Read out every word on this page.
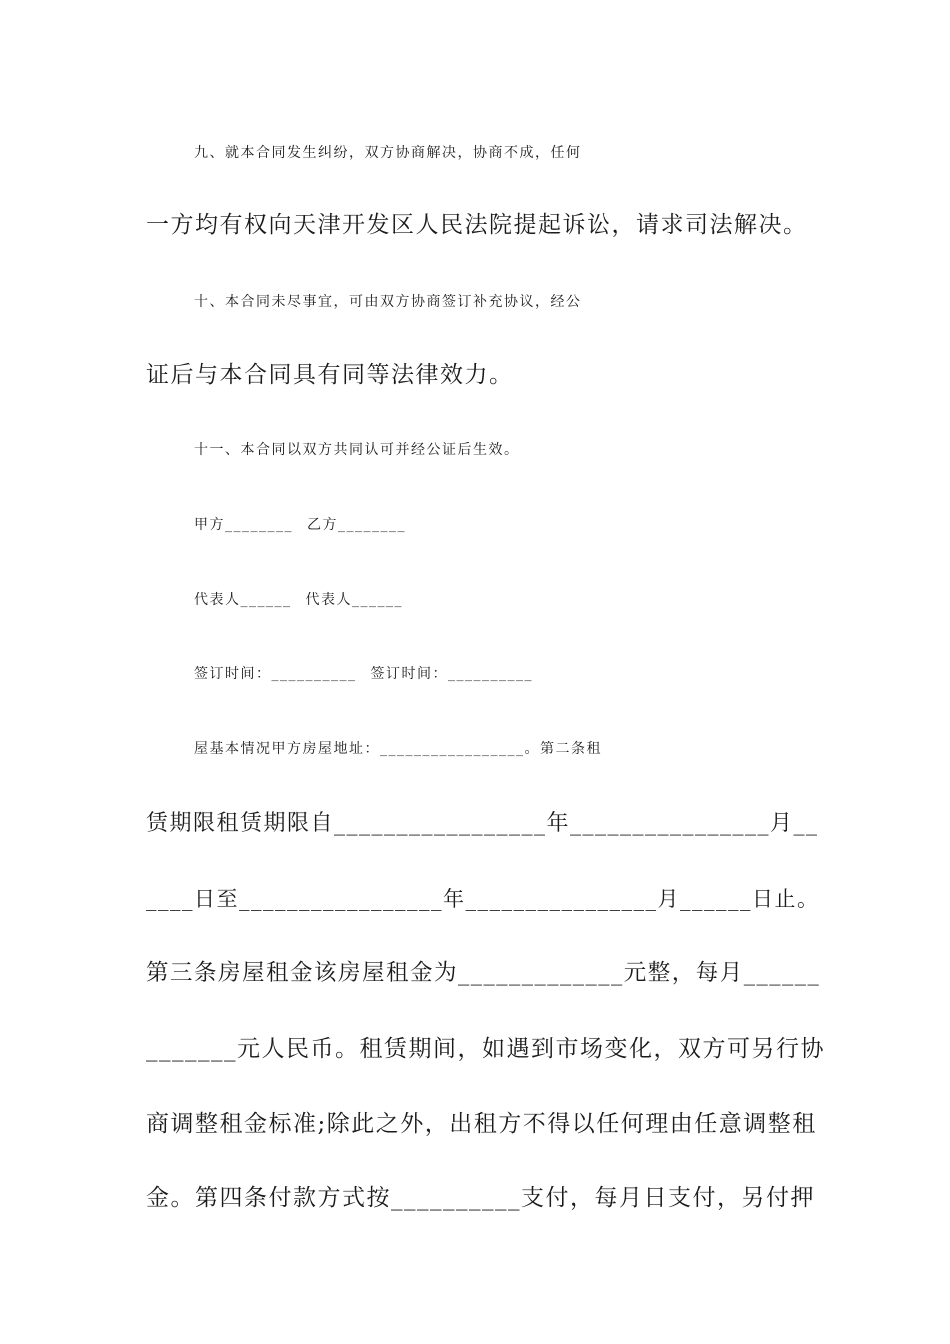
九、就本合同发生纠纷，双方协商解决，协商不成，任何
一方均有权向天津开发区人民法院提起诉讼，请求司法解决。
十、本合同未尽事宜，可由双方协商签订补充协议，经公
证后与本合同具有同等法律效力。
十一、本合同以双方共同认可并经公证后生效。
甲方________ 乙方________
代表人______ 代表人______
签订时间：__________ 签订时间：__________
屋基本情况甲方房屋地址：_________________。第二条租
赁期限租赁期限自_________________年________________月__
____日至_________________年________________月______日止。
第三条房屋租金该房屋租金为_____________元整，每月______
_______元人民币。租赁期间，如遇到市场变化，双方可另行协
商调整租金标准;除此之外，出租方不得以任何理由任意调整租
金。第四条付款方式按__________支付，每月日支付，另付押
